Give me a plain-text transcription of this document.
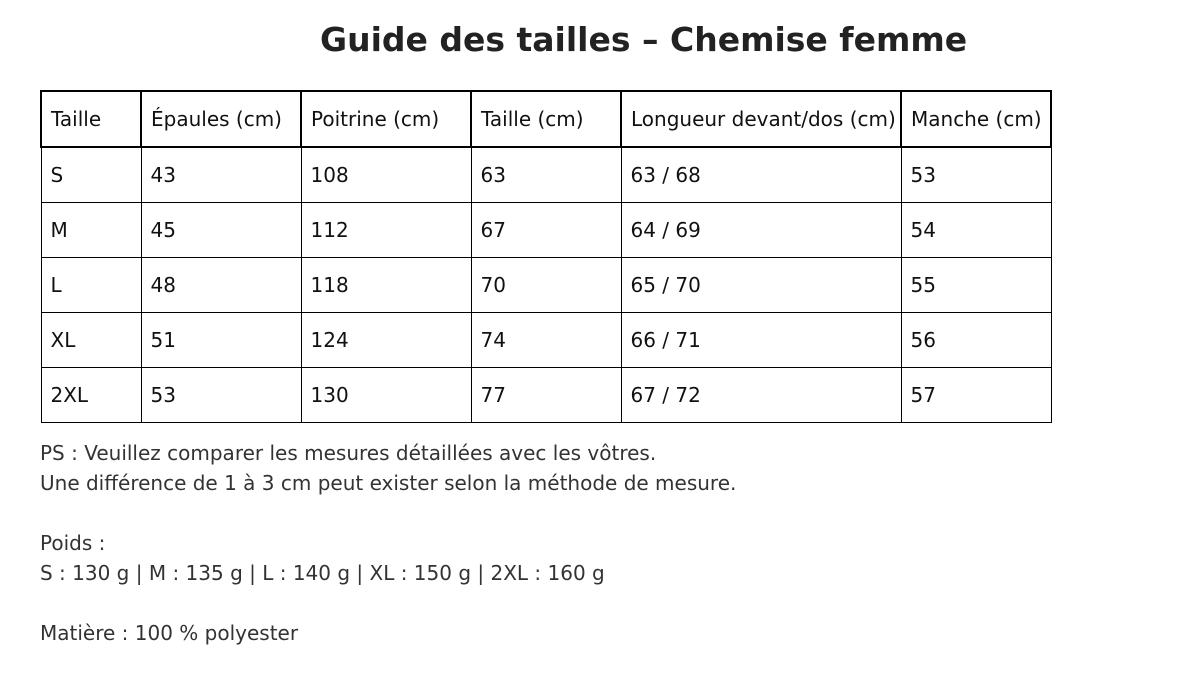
Guide des tailles – Chemise femme
Taille	Épaules (cm)	Poitrine (cm)	Taille (cm)	Longueur devant/dos (cm)	Manche (cm)
S	43	108	63	63 / 68	53
M	45	112	67	64 / 69	54
L	48	118	70	65 / 70	55
XL	51	124	74	66 / 71	56
2XL	53	130	77	67 / 72	57
PS : Veuillez comparer les mesures détaillées avec les vôtres.
Une différence de 1 à 3 cm peut exister selon la méthode de mesure.
Poids :
S : 130 g | M : 135 g | L : 140 g | XL : 150 g | 2XL : 160 g
Matière : 100 % polyester
